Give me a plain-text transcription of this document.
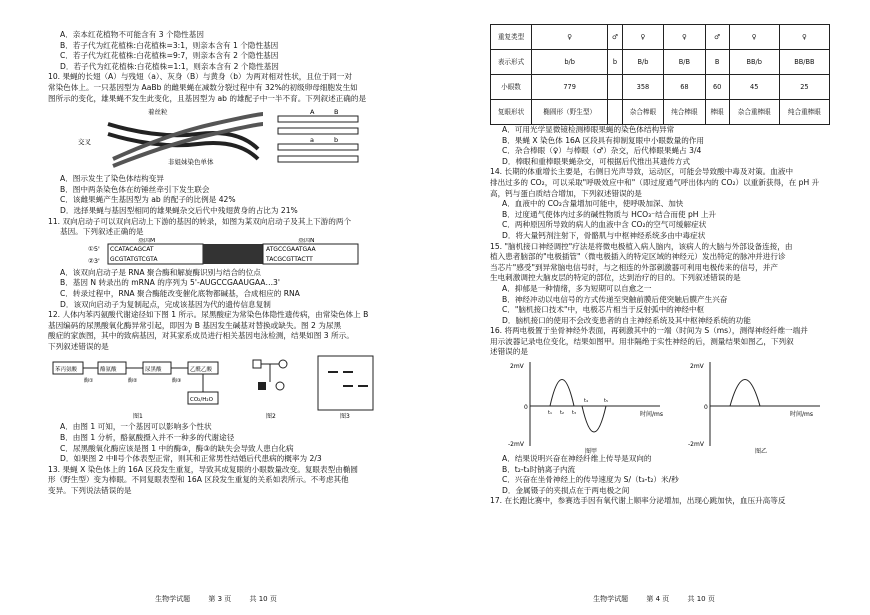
A．亲本红花植物不可能含有 3 个隐性基因
B．若子代为红花植株:白花植株=3:1，则亲本含有 1 个隐性基因
C．若子代为红花植株:白花植株=9:7，则亲本含有 2 个隐性基因
D．若子代为红花植株:白花植株=1:1，则亲本含有 2 个隐性基因
10. 果蝇的长翅（A）与残翅（a）、灰身（B）与黄身（b）为两对相对性状，且位于同一对
常染色体上。一只基因型为 AaBb 的雌果蝇在减数分裂过程中有 32%的初级卵母细胞发生如
图所示的变化，雄果蝇不发生此变化，且基因型为 ab 的雄配子中一半不育。下列叙述正确的是
着丝粒
交叉
非姐妹染色单体
A	B
a	b
A．图示发生了染色体结构变异
B．图中两条染色体在纺锤丝牵引下发生联会
C．该雌果蝇产生基因型为 ab 的配子的比例是 42%
D．选择果蝇与基因型相同的雄果蝇杂交后代中残翅黄身的占比为 21%
11. 双向启动子可以双向启动上下游的基因的转录，如图为某双向启动子及其上下游的两个
基因。下列叙述正确的是
①5'
②3'
CCATACAGCAT
GCGTATGTCGTA
ATGCCGAATGAA
TACGCGTTACTT
基因M	基因N
A．该双向启动子是 RNA 聚合酶和解旋酶识别与结合的位点
B．基因 N 转录出的 mRNA 的序列为 5'-AUGCCGAAUGAA…3'
C．转录过程中，RNA 聚合酶能改变催化底物都碱基，合成相应的 RNA
D．该双向启动子为复制起点，完成该基因为代的遗传信息复制
12. 人体内苯丙氨酸代谢途径如下图 1 所示。尿黑酸症为常染色体隐性遗传病，由常染色体上 B
基因编码的尿黑酸氧化酶异常引起，即因为 B 基因发生碱基对替换或缺失。图 2 为尿黑
酸症的家族图，其中的致病基因，对其家系成员进行相关基因电泳检测，结果如图 3 所示。
下列叙述错误的是
苯丙氨酸	酪氨酸	尿黑酸	乙酰乙酸
CO₂/H₂O
酶①	酶②	酶③
图1	图2	图3
A．由图 1 可知，一个基因可以影响多个性状
B．由图 1 分析，酪氨酸摄入并不一种多的代谢途径
C．尿黑酸氧化酶应该是图 1 中的酶③，酶③的缺失会导致人患白化病
D．如果图 2 中Ⅱ号个体表型正常，则其和正常男性结婚后代患病的概率为 2/3
13. 果蝇 X 染色体上的 16A 区段发生重复，导致其成复眼的小眼数量改变。复眼表型由椭圆
形（野生型）变为棒眼。不同复眼表型和 16A 区段发生重复的关系如表所示。不考虑其他
变异。下列说法错误的是
生物学试题	第 3 页	共 10 页
重复类型	♀	♂	♀	♀	♂	♀	♀
表示形式	b/b	b	B/b	B/B	B	BB/b	BB/BB
小眼数	779		358	68	60	45	25
复眼形状	椭圆形（野生型）		杂合棒眼	纯合棒眼	棒眼	杂合重棒眼	纯合重棒眼
A．可用光学显微镜检测棒眼果蝇的染色体结构异常
B．果蝇 X 染色体 16A 区段具有抑制复眼中小眼数量的作用
C．杂合棒眼（♀）与棒眼（♂）杂交，后代棒眼果蝇占 3/4
D．棒眼和重棒眼果蝇杂交，可根据后代推出其遗传方式
14. 长期的体重增长主要是，右侧日光声导致，运动区，可能会导致酸中毒及对策。血液中
排出过多的 CO₂，可以采取"呼吸效应中和"（即过度通气呼出体内的 CO₂）以重新获得，在 pH 升
高，钙与蛋白质结合增加，下列叙述错误的是
A．血液中的 CO₂含量增加可能中，使呼吸加深、加快
B．过度通气使体内过多的碱性物质与 HCO₃⁻结合而使 pH 上升
C．两种原因所导致的病人的血液中含 CO₂的空气可缓解症状
D．将大量钙剂注射下，骨骼肌与中枢神经系统多由中毒症状
15. "脑机接口神经调控"疗法是将微电极植入病人脑内，该病人的大脑与外部设备连接，由
植入患者脑部的"电极插管"（微电极插入的特定区域的神经元）发出特定的脉冲并进行诊
当芯片"感受"到异常脑电信号时，与之相连的外部刺激器可利用电极传来的信号，并产
生电刺激调控大脑皮层的特定的部位，达到治疗的目的。下列叙述错误的是
A．抑郁是一种情绪，多为短期可以自愈之一
B．神经冲动以电信号的方式传递至突触前膜后使突触后膜产生兴奋
C．"脑机接口技术"中，电极芯片相当于反射弧中的神经中枢
D．脑机接口的使用不会改变患者的自主神经系统及其中枢神经系统的功能
16. 将两电极置于坐骨神经外表面，再刺激其中的一端（时间为 S（ms），测得神经纤维一端并
用示波器记录电位变化，结果如图甲。用非隔绝于实性神经的后，测量结果如图乙，下列叙
述错误的是
2mV
-2mV
0
时间/ms
图甲
t₁ t₂ t₃
t₄	t₅
2mV
-2mV
0
时间/ms
图乙
A．结果说明兴奋在神经纤维上传导是双向的
B．t₂-t₃时钠离子内流
C．兴奋在坐骨神经上的传导速度为 S/（t₃-t₂）米/秒
D．金属镊子的夹损点在于两电极之间
17. 在长跑比赛中，参赛选手因有氧代谢上顺率分泌增加，出现心跳加快，血压升高等反
生物学试题	第 4 页	共 10 页
